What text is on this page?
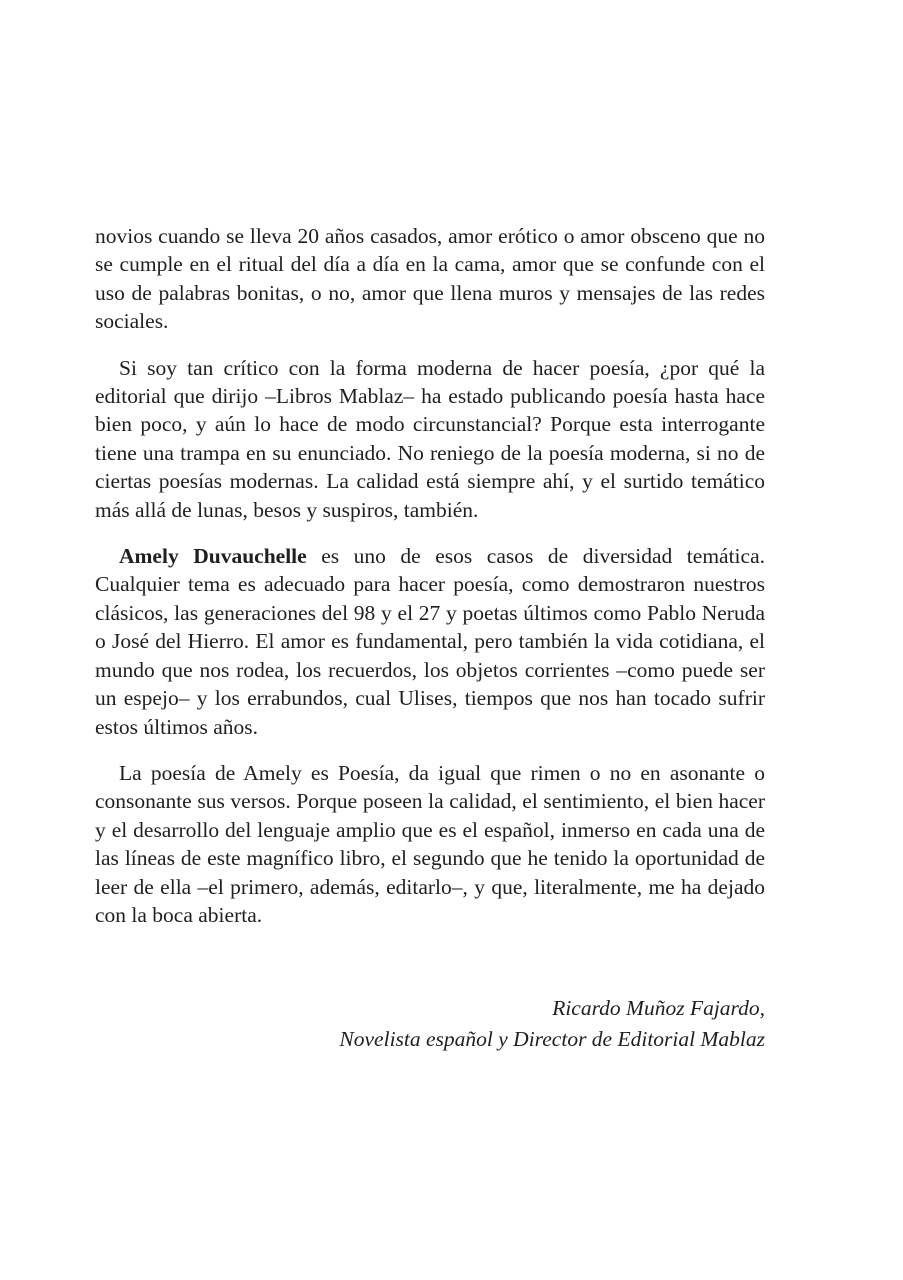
novios cuando se lleva 20 años casados, amor erótico o amor obsceno que no se cumple en el ritual del día a día en la cama, amor que se confunde con el uso de palabras bonitas, o no, amor que llena muros y mensajes de las redes sociales.

Si soy tan crítico con la forma moderna de hacer poesía, ¿por qué la editorial que dirijo –Libros Mablaz– ha estado publicando poesía hasta hace bien poco, y aún lo hace de modo circunstancial? Porque esta interrogante tiene una trampa en su enunciado. No reniego de la poesía moderna, si no de ciertas poesías modernas. La calidad está siempre ahí, y el surtido temático más allá de lunas, besos y suspiros, también.

Amely Duvauchelle es uno de esos casos de diversidad temática. Cualquier tema es adecuado para hacer poesía, como demostraron nuestros clásicos, las generaciones del 98 y el 27 y poetas últimos como Pablo Neruda o José del Hierro. El amor es fundamental, pero también la vida cotidiana, el mundo que nos rodea, los recuerdos, los objetos corrientes –como puede ser un espejo– y los errabundos, cual Ulises, tiempos que nos han tocado sufrir estos últimos años.

La poesía de Amely es Poesía, da igual que rimen o no en asonante o consonante sus versos. Porque poseen la calidad, el sentimiento, el bien hacer y el desarrollo del lenguaje amplio que es el español, inmerso en cada una de las líneas de este magnífico libro, el segundo que he tenido la oportunidad de leer de ella –el primero, además, editarlo–, y que, literalmente, me ha dejado con la boca abierta.

Ricardo Muñoz Fajardo,
Novelista español y Director de Editorial Mablaz
